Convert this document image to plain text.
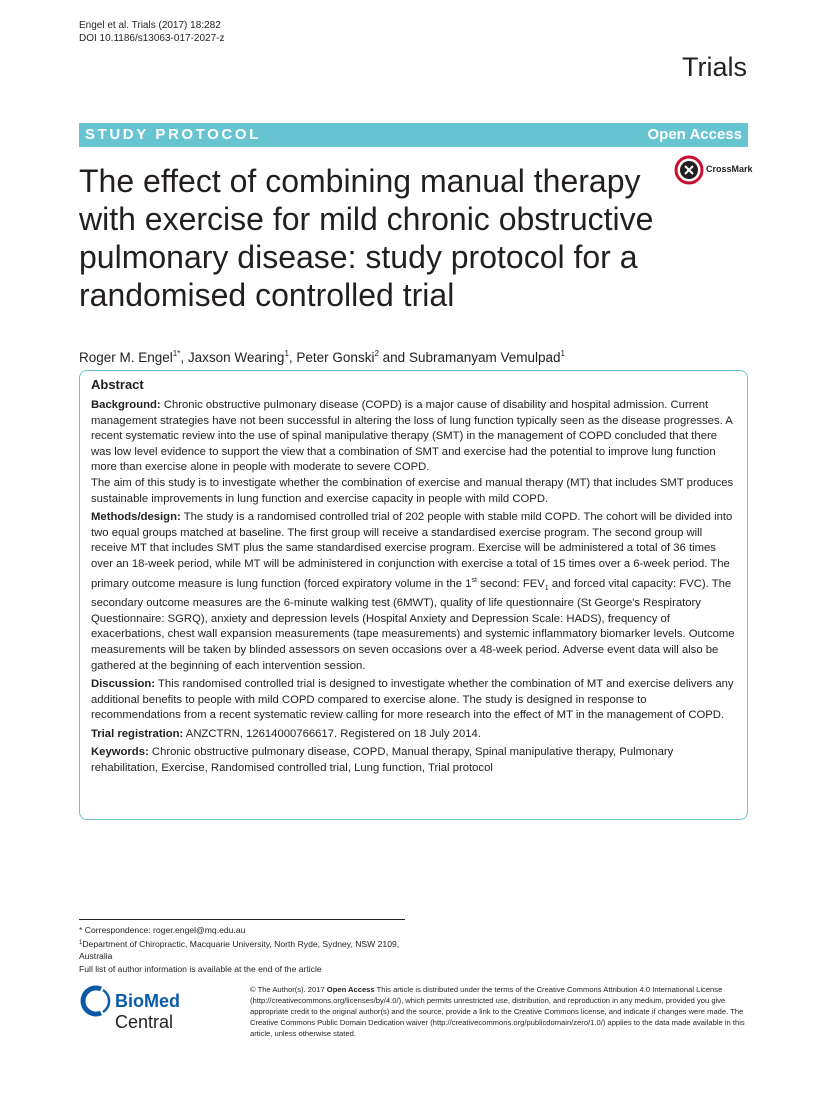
Engel et al. Trials (2017) 18:282
DOI 10.1186/s13063-017-2027-z
Trials
STUDY PROTOCOL	Open Access
The effect of combining manual therapy with exercise for mild chronic obstructive pulmonary disease: study protocol for a randomised controlled trial
CrossMark
Roger M. Engel$^{1*}$, Jaxson Wearing$^1$, Peter Gonski$^2$ and Subramanyam Vemulpad$^1$
Abstract

Background: Chronic obstructive pulmonary disease (COPD) is a major cause of disability and hospital admission. Current management strategies have not been successful in altering the loss of lung function typically seen as the disease progresses. A recent systematic review into the use of spinal manipulative therapy (SMT) in the management of COPD concluded that there was low level evidence to support the view that a combination of SMT and exercise had the potential to improve lung function more than exercise alone in people with moderate to severe COPD.
The aim of this study is to investigate whether the combination of exercise and manual therapy (MT) that includes SMT produces sustainable improvements in lung function and exercise capacity in people with mild COPD.

Methods/design: The study is a randomised controlled trial of 202 people with stable mild COPD. The cohort will be divided into two equal groups matched at baseline. The first group will receive a standardised exercise program. The second group will receive MT that includes SMT plus the same standardised exercise program. Exercise will be administered a total of 36 times over an 18-week period, while MT will be administered in conjunction with exercise a total of 15 times over a 6-week period. The primary outcome measure is lung function (forced expiratory volume in the 1st second: $FEV_1$ and forced vital capacity: FVC). The secondary outcome measures are the 6-minute walking test (6MWT), quality of life questionnaire (St George's Respiratory Questionnaire: SGRQ), anxiety and depression levels (Hospital Anxiety and Depression Scale: HADS), frequency of exacerbations, chest wall expansion measurements (tape measurements) and systemic inflammatory biomarker levels. Outcome measurements will be taken by blinded assessors on seven occasions over a 48-week period. Adverse event data will also be gathered at the beginning of each intervention session.

Discussion: This randomised controlled trial is designed to investigate whether the combination of MT and exercise delivers any additional benefits to people with mild COPD compared to exercise alone. The study is designed in response to recommendations from a recent systematic review calling for more research into the effect of MT in the management of COPD.

Trial registration: ANZCTRN, 12614000766617. Registered on 18 July 2014.

Keywords: Chronic obstructive pulmonary disease, COPD, Manual therapy, Spinal manipulative therapy, Pulmonary rehabilitation, Exercise, Randomised controlled trial, Lung function, Trial protocol

* Correspondence: roger.engel@mq.edu.au
$^1$Department of Chiropractic, Macquarie University, North Ryde, Sydney, NSW 2109, Australia
Full list of author information is available at the end of the article
BioMed Central
© The Author(s). 2017 Open Access This article is distributed under the terms of the Creative Commons Attribution 4.0 International License (http://creativecommons.org/licenses/by/4.0/), which permits unrestricted use, distribution, and reproduction in any medium, provided you give appropriate credit to the original author(s) and the source, provide a link to the Creative Commons license, and indicate if changes were made. The Creative Commons Public Domain Dedication waiver (http://creativecommons.org/publicdomain/zero/1.0/) applies to the data made available in this article, unless otherwise stated.
